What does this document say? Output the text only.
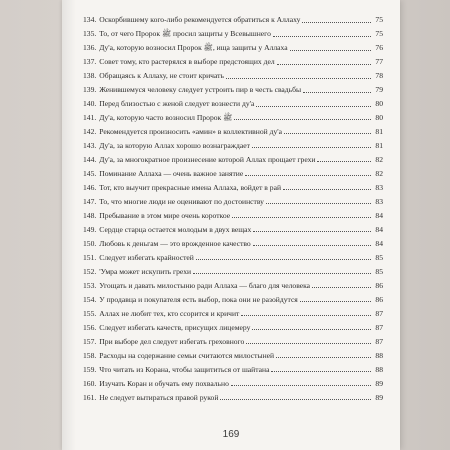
134. Оскорбившему кого-либо рекомендуется обратиться к Аллаху	75
135. То, от чего Пророк ﷺ просил защиты у Всевышнего	75
136. Ду'а, которую возносил Пророк ﷺ, ища защиты у Аллаха	76
137. Совет тому, кто растерялся в выборе предстоящих дел	77
138. Обращаясь к Аллаху, не стоит кричать	78
139. Женившемуся человеку следует устроить пир в честь свадьбы	79
140. Перед близостью с женой следует вознести ду'а	80
141. Ду'а, которую часто возносил Пророк ﷺ	80
142. Рекомендуется произносить «амин» в коллективной ду'а	81
143. Ду'а, за которую Аллах хорошо вознаграждает	81
144. Ду'а, за многократное произнесение которой Аллах прощает грехи	82
145. Поминание Аллаха — очень важное занятие	82
146. Тот, кто выучит прекрасные имена Аллаха, войдет в рай	83
147. То, что многие люди не оценивают по достоинству	83
148. Пребывание в этом мире очень короткое	84
149. Сердце старца остается молодым в двух вещах	84
150. Любовь к деньгам — это врожденное качество	84
151. Следует избегать крайностей	85
152. 'Умра может искупить грехи	85
153. Угощать и давать милостыню ради Аллаха — благо для человека	86
154. У продавца и покупателя есть выбор, пока они не разойдутся	86
155. Аллах не любит тех, кто ссорится и кричит	87
156. Следует избегать качеств, присущих лицемеру	87
157. При выборе дел следует избегать греховного	87
158. Расходы на содержание семьи считаются милостыней	88
159. Что читать из Корана, чтобы защититься от шайтана	88
160. Изучать Коран и обучать ему похвально	89
161. Не следует вытираться правой рукой	89
169
